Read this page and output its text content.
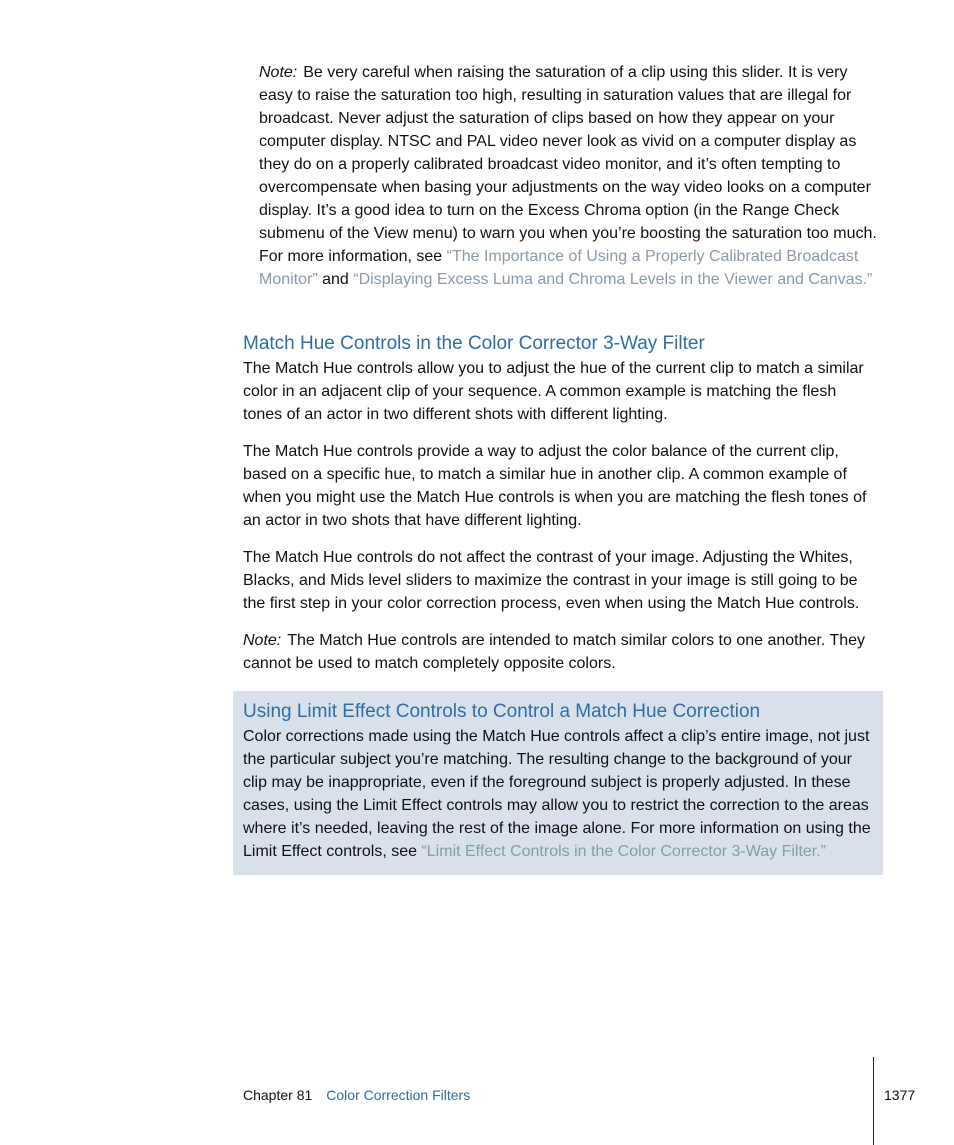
Note: Be very careful when raising the saturation of a clip using this slider. It is very easy to raise the saturation too high, resulting in saturation values that are illegal for broadcast. Never adjust the saturation of clips based on how they appear on your computer display. NTSC and PAL video never look as vivid on a computer display as they do on a properly calibrated broadcast video monitor, and it’s often tempting to overcompensate when basing your adjustments on the way video looks on a computer display. It’s a good idea to turn on the Excess Chroma option (in the Range Check submenu of the View menu) to warn you when you’re boosting the saturation too much. For more information, see “The Importance of Using a Properly Calibrated Broadcast Monitor” and “Displaying Excess Luma and Chroma Levels in the Viewer and Canvas.”
Match Hue Controls in the Color Corrector 3-Way Filter

The Match Hue controls allow you to adjust the hue of the current clip to match a similar color in an adjacent clip of your sequence. A common example is matching the flesh tones of an actor in two different shots with different lighting.

The Match Hue controls provide a way to adjust the color balance of the current clip, based on a specific hue, to match a similar hue in another clip. A common example of when you might use the Match Hue controls is when you are matching the flesh tones of an actor in two shots that have different lighting.

The Match Hue controls do not affect the contrast of your image. Adjusting the Whites, Blacks, and Mids level sliders to maximize the contrast in your image is still going to be the first step in your color correction process, even when using the Match Hue controls.

Note: The Match Hue controls are intended to match similar colors to one another. They cannot be used to match completely opposite colors.

Using Limit Effect Controls to Control a Match Hue Correction

Color corrections made using the Match Hue controls affect a clip’s entire image, not just the particular subject you’re matching. The resulting change to the background of your clip may be inappropriate, even if the foreground subject is properly adjusted. In these cases, using the Limit Effect controls may allow you to restrict the correction to the areas where it’s needed, leaving the rest of the image alone. For more information on using the Limit Effect controls, see “Limit Effect Controls in the Color Corrector 3-Way Filter.”

Chapter 81 Color Correction Filters	1377
